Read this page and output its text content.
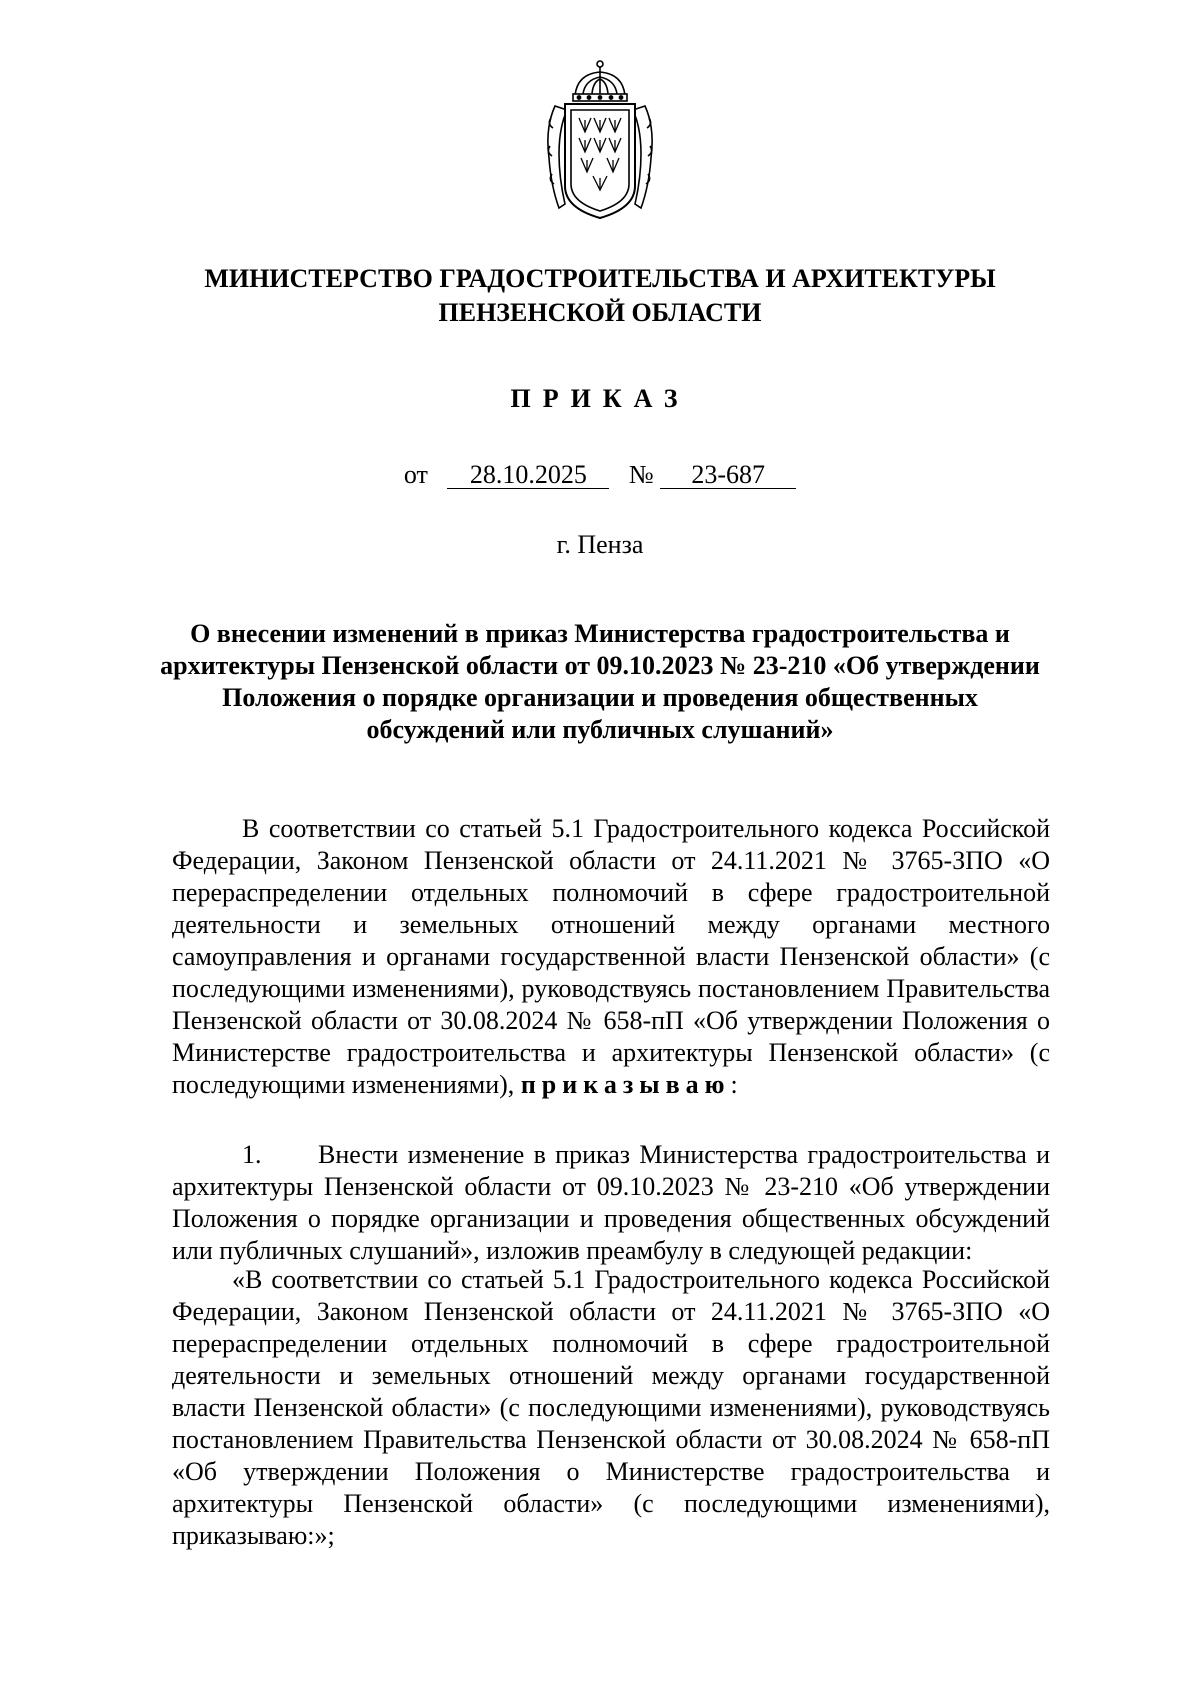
МИНИСТЕРСТВО ГРАДОСТРОИТЕЛЬСТВА И АРХИТЕКТУРЫ
ПЕНЗЕНСКОЙ ОБЛАСТИ
ПРИКАЗ
от 28.10.2025 № 23-687
г. Пенза
О внесении изменений в приказ Министерства градостроительства и
архитектуры Пензенской области от 09.10.2023 № 23-210 «Об утверждении
Положения о порядке организации и проведения общественных
обсуждений или публичных слушаний»
В соответствии со статьей 5.1 Градостроительного кодекса Российской Федерации, Законом Пензенской области от 24.11.2021 № 3765-ЗПО «О перераспределении отдельных полномочий в сфере градостроительной деятельности и земельных отношений между органами местного самоуправления и органами государственной власти Пензенской области» (с последующими изменениями), руководствуясь постановлением Правительства Пензенской области от 30.08.2024 № 658-пП «Об утверждении Положения о Министерстве градостроительства и архитектуры Пензенской области» (с последующими изменениями), приказываю:
1. Внести изменение в приказ Министерства градостроительства и архитектуры Пензенской области от 09.10.2023 № 23-210 «Об утверждении Положения о порядке организации и проведения общественных обсуждений или публичных слушаний», изложив преамбулу в следующей редакции:
«В соответствии со статьей 5.1 Градостроительного кодекса Российской Федерации, Законом Пензенской области от 24.11.2021 № 3765-ЗПО «О перераспределении отдельных полномочий в сфере градостроительной деятельности и земельных отношений между органами государственной власти Пензенской области» (с последующими изменениями), руководствуясь постановлением Правительства Пензенской области от 30.08.2024 № 658-пП «Об утверждении Положения о Министерстве градостроительства и архитектуры Пензенской области» (с последующими изменениями), приказываю:»;
